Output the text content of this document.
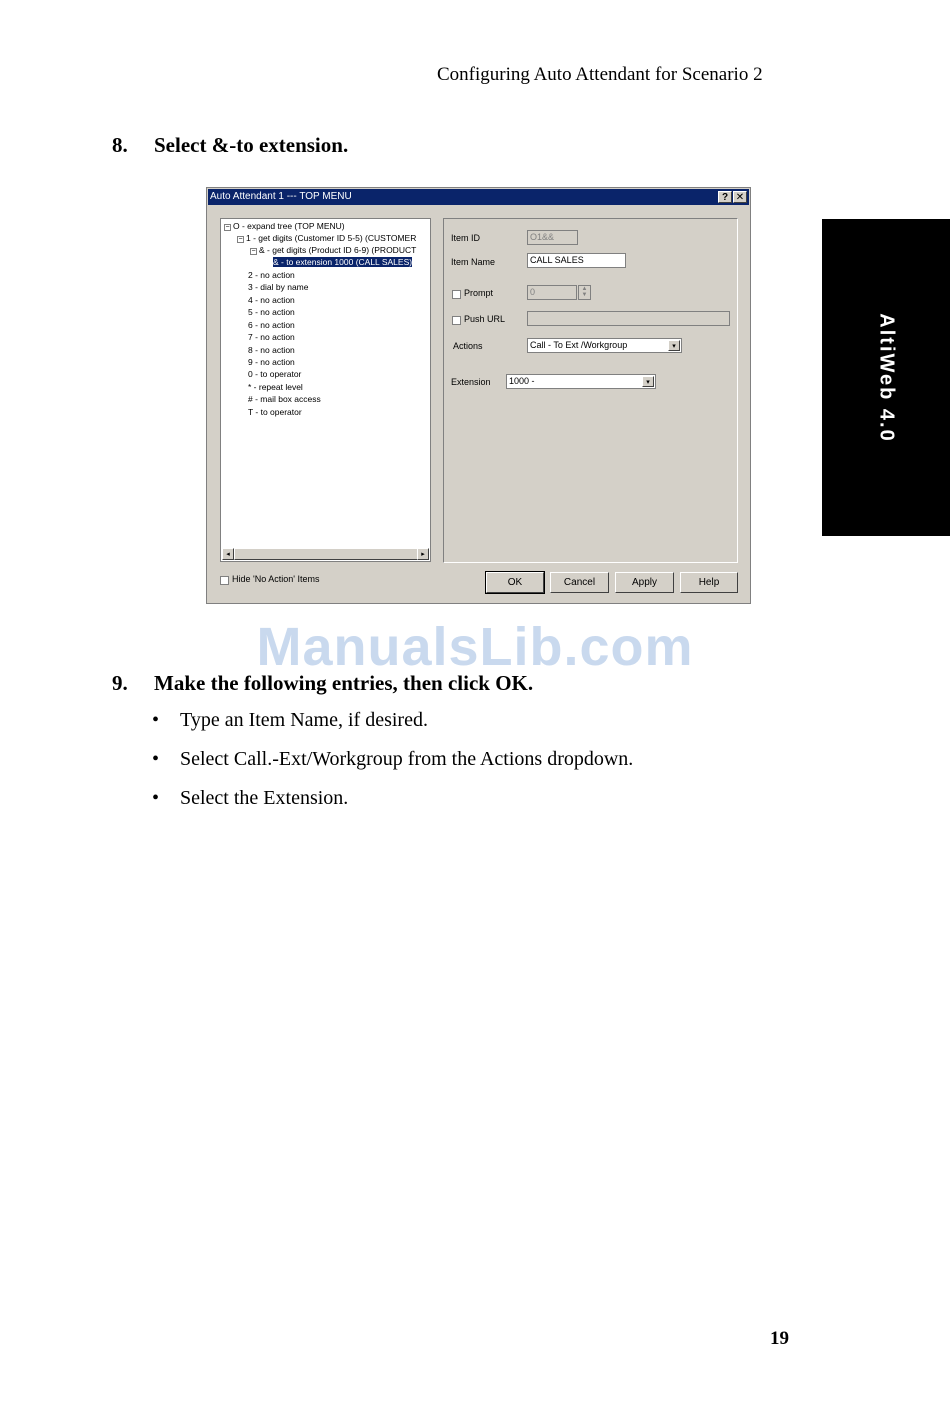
Configuring Auto Attendant for Scenario 2
8. Select &-to extension.
AltiWeb 4.0
Auto Attendant 1 --- TOP MENU	? ✕
− O - expand tree (TOP MENU)
− 1 - get digits (Customer ID 5-5) (CUSTOMER
− & - get digits (Product ID 6-9) (PRODUCT
& - to extension 1000 (CALL SALES)
2 - no action
3 - dial by name
4 - no action
5 - no action
6 - no action
7 - no action
8 - no action
9 - no action
0 - to operator
* - repeat level
# - mail box access
T - to operator
◂	▸
Hide 'No Action' Items
Item ID	O1&&
Item Name	CALL SALES
Prompt	0	▲
▼
Push URL
Actions	Call - To Ext /Workgroup	▾
Extension	1000 -	▾
OK	Cancel	Apply	Help
ManualsLib.com
9. Make the following entries, then click OK.
•	Type an Item Name, if desired.
•	Select Call.-Ext/Workgroup from the Actions dropdown.
•	Select the Extension.
19
